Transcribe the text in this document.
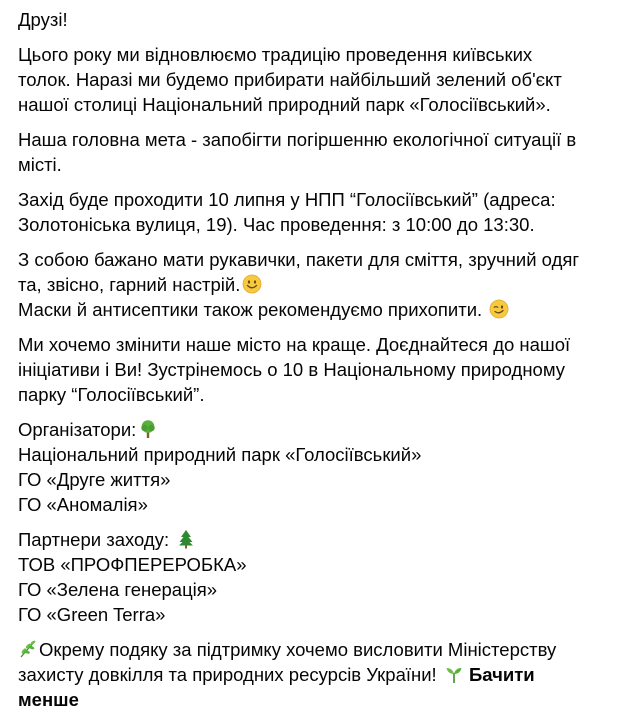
Друзі!
Цього року ми відновлюємо традицію проведення київських
толок. Наразі ми будемо прибирати найбільший зелений об'єкт
нашої столиці Національний природний парк «Голосіївський».
Наша головна мета - запобігти погіршенню екологічної ситуації в
місті.
Захід буде проходити 10 липня у НПП “Голосіївський” (адреса:
Золотоніська вулиця, 19). Час проведення: з 10:00 до 13:30.
З собою бажано мати рукавички, пакети для сміття, зручний одяг
та, звісно, гарний настрій.
Маски й антисептики також рекомендуємо прихопити.
Ми хочемо змінити наше місто на краще. Доєднайтеся до нашої
ініціативи і Ви! Зустрінемось о 10 в Національному природному
парку “Голосіївський”.
Організатори:
Національний природний парк «Голосіївський»
ГО «Друге життя»
ГО «Аномалія»
Партнери заходу:
ТОВ «ПРОФПЕРЕРОБКА»
ГО «Зелена генерація»
ГО «Green Terra»
Окрему подяку за підтримку хочемо висловити Міністерству
захисту довкілля та природних ресурсів України! Бачити
менше
